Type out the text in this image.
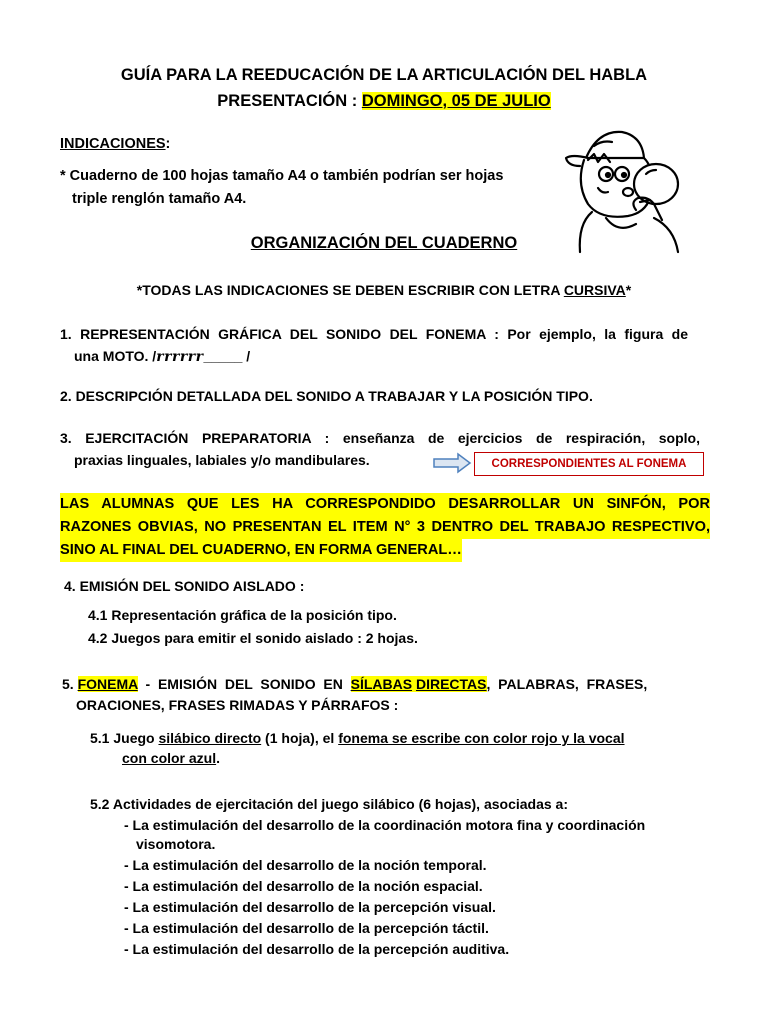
GUÍA PARA LA REEDUCACIÓN DE LA ARTICULACIÓN DEL HABLA
PRESENTACIÓN : DOMINGO, 05 DE JULIO
INDICACIONES:
* Cuaderno de 100 hojas tamaño A4 o también podrían ser hojas
triple renglón tamaño A4.
ORGANIZACIÓN DEL CUADERNO
*TODAS LAS INDICACIONES SE DEBEN ESCRIBIR CON LETRA CURSIVA*
1. REPRESENTACIÓN GRÁFICA DEL SONIDO DEL FONEMA : Por ejemplo, la figura de
una MOTO. /rrrrrr_____ /
2. DESCRIPCIÓN DETALLADA DEL SONIDO A TRABAJAR Y LA POSICIÓN TIPO.
3. EJERCITACIÓN PREPARATORIA : enseñanza de ejercicios de respiración, soplo,
praxias linguales, labiales y/o mandibulares.	CORRESPONDIENTES AL FONEMA
LAS ALUMNAS QUE LES HA CORRESPONDIDO DESARROLLAR UN SINFÓN, POR
RAZONES OBVIAS, NO PRESENTAN EL ITEM N° 3 DENTRO DEL TRABAJO RESPECTIVO,
SINO AL FINAL DEL CUADERNO, EN FORMA GENERAL…
4. EMISIÓN DEL SONIDO AISLADO :
4.1 Representación gráfica de la posición tipo.
4.2 Juegos para emitir el sonido aislado : 2 hojas.
5. FONEMA  -  EMISIÓN  DEL  SONIDO  EN  SÍLABAS DIRECTAS,  PALABRAS,  FRASES,
ORACIONES, FRASES RIMADAS Y PÁRRAFOS :
5.1 Juego silábico directo (1 hoja), el fonema se escribe con color rojo y la vocal
con color azul.
5.2 Actividades de ejercitación del juego silábico (6 hojas), asociadas a:
- La estimulación del desarrollo de la coordinación motora fina y coordinación
visomotora.
- La estimulación del desarrollo de la noción temporal.
- La estimulación del desarrollo de la noción espacial.
- La estimulación del desarrollo de la percepción visual.
- La estimulación del desarrollo de la percepción táctil.
- La estimulación del desarrollo de la percepción auditiva.
